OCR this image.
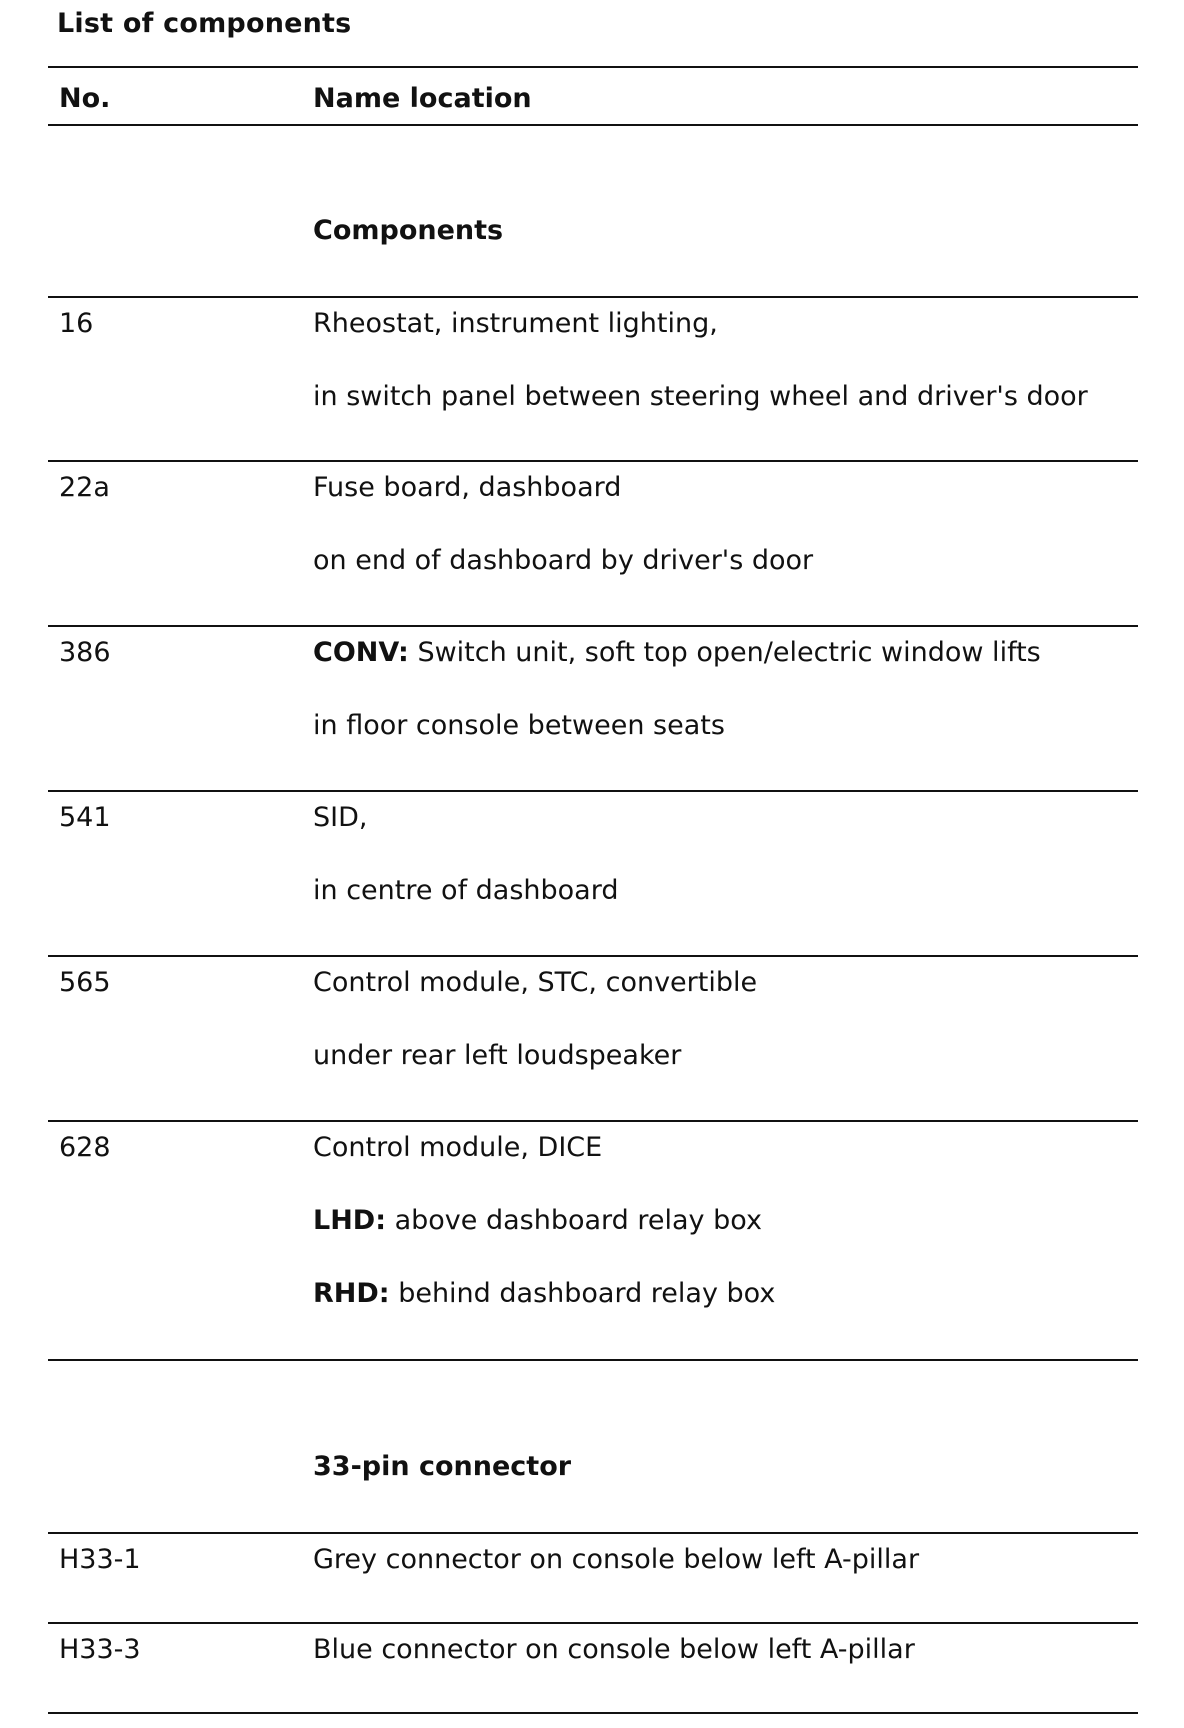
List of components
No.	Name location
Components
16	Rheostat, instrument lighting,
in switch panel between steering wheel and driver's door
22a	Fuse board, dashboard
on end of dashboard by driver's door
386	CONV: Switch unit, soft top open/electric window lifts
in floor console between seats
541	SID,
in centre of dashboard
565	Control module, STC, convertible
under rear left loudspeaker
628	Control module, DICE
LHD: above dashboard relay box
RHD: behind dashboard relay box
33-pin connector
H33-1	Grey connector on console below left A-pillar
H33-3	Blue connector on console below left A-pillar
